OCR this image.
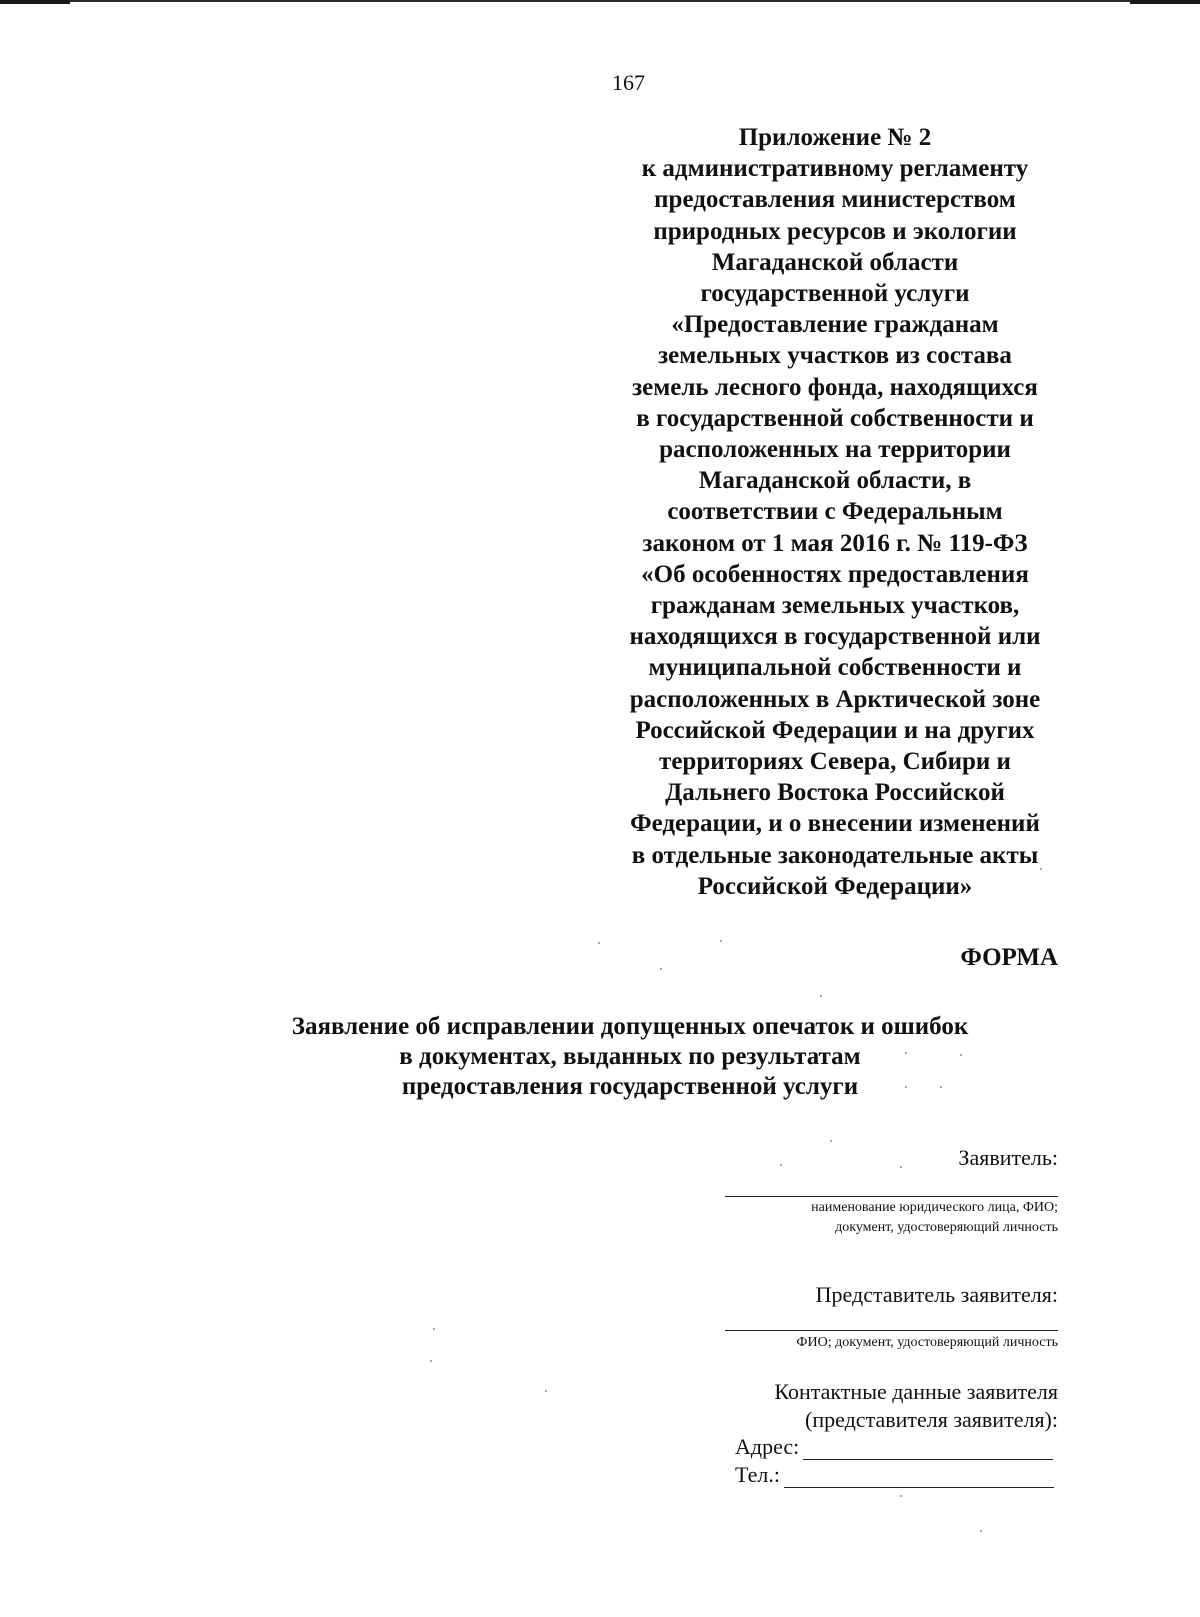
167
Приложение № 2
к административному регламенту
предоставления министерством
природных ресурсов и экологии
Магаданской области
государственной услуги
«Предоставление гражданам
земельных участков из состава
земель лесного фонда, находящихся
в государственной собственности и
расположенных на территории
Магаданской области, в
соответствии с Федеральным
законом от 1 мая 2016 г. № 119-ФЗ
«Об особенностях предоставления
гражданам земельных участков,
находящихся в государственной или
муниципальной собственности и
расположенных в Арктической зоне
Российской Федерации и на других
территориях Севера, Сибири и
Дальнего Востока Российской
Федерации, и о внесении изменений
в отдельные законодательные акты
Российской Федерации»
ФОРМА
Заявление об исправлении допущенных опечаток и ошибок
в документах, выданных по результатам
предоставления государственной услуги
Заявитель:
наименование юридического лица, ФИО;
документ, удостоверяющий личность
Представитель заявителя:
ФИО; документ, удостоверяющий личность
Контактные данные заявителя
(представителя заявителя):
Адрес:
Тел.:
